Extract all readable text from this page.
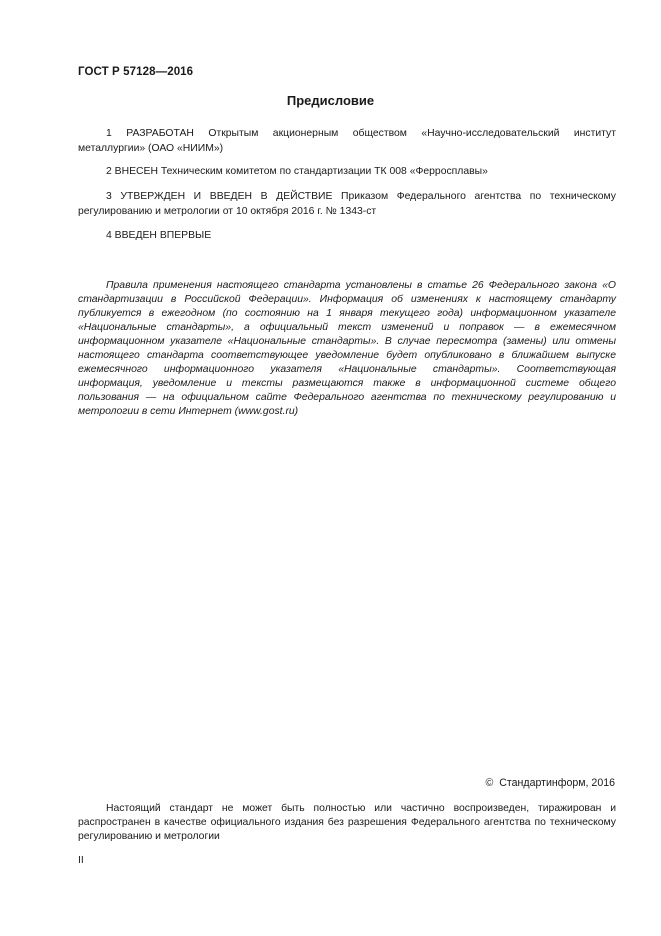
ГОСТ Р 57128—2016
Предисловие

1 РАЗРАБОТАН Открытым акционерным обществом «Научно-исследовательский институт металлургии» (ОАО «НИИМ»)

2 ВНЕСЕН Техническим комитетом по стандартизации ТК 008 «Ферросплавы»

3 УТВЕРЖДЕН И ВВЕДЕН В ДЕЙСТВИЕ Приказом Федерального агентства по техническому регулированию и метрологии от 10 октября 2016 г. № 1343-ст

4 ВВЕДЕН ВПЕРВЫЕ

Правила применения настоящего стандарта установлены в статье 26 Федерального закона «О стандартизации в Российской Федерации». Информация об изменениях к настоящему стандарту публикуется в ежегодном (по состоянию на 1 января текущего года) информационном указателе «Национальные стандарты», а официальный текст изменений и поправок — в ежемесячном информационном указателе «Национальные стандарты». В случае пересмотра (замены) или отмены настоящего стандарта соответствующее уведомление будет опубликовано в ближайшем выпуске ежемесячного информационного указателя «Национальные стандарты». Соответствующая информация, уведомление и тексты размещаются также в информационной системе общего пользования — на официальном сайте Федерального агентства по техническому регулированию и метрологии в сети Интернет (www.gost.ru)

© Стандартинформ, 2016

Настоящий стандарт не может быть полностью или частично воспроизведен, тиражирован и распространен в качестве официального издания без разрешения Федерального агентства по техническому регулированию и метрологии

II
